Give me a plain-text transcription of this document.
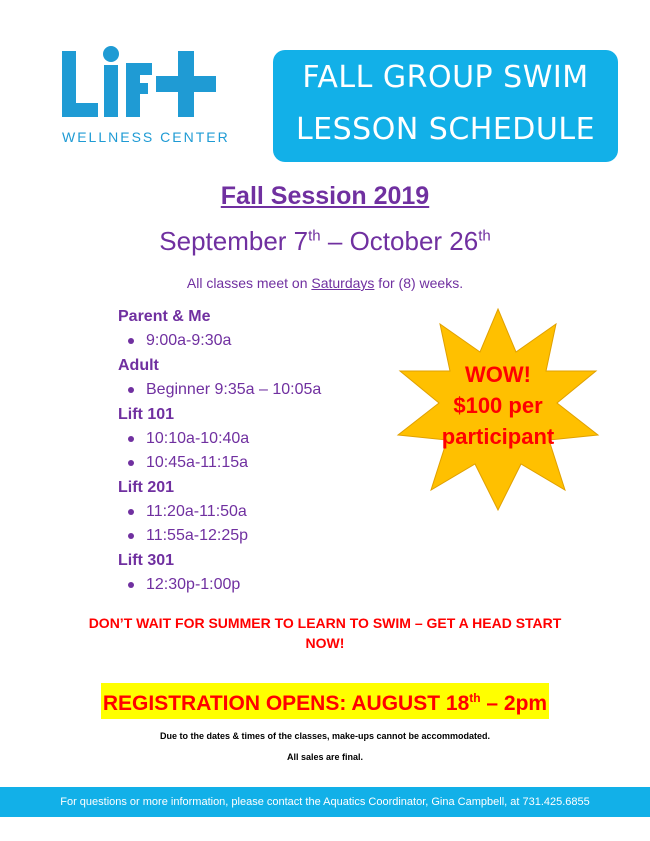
WELLNESS CENTER
FALL GROUP SWIM
LESSON SCHEDULE
Fall Session 2019
September 7th – October 26th
All classes meet on Saturdays for (8) weeks.
Parent & Me
9:00a-9:30a
Adult
Beginner 9:35a – 10:05a
Lift 101
10:10a-10:40a
10:45a-11:15a
Lift 201
11:20a-11:50a
11:55a-12:25p
Lift 301
12:30p-1:00p
WOW!
$100 per
participant
DON’T WAIT FOR SUMMER TO LEARN TO SWIM – GET A HEAD START NOW!
REGISTRATION OPENS: AUGUST 18th – 2pm
Due to the dates & times of the classes, make-ups cannot be accommodated.
All sales are final.
For questions or more information, please contact the Aquatics Coordinator, Gina Campbell, at 731.425.6855
